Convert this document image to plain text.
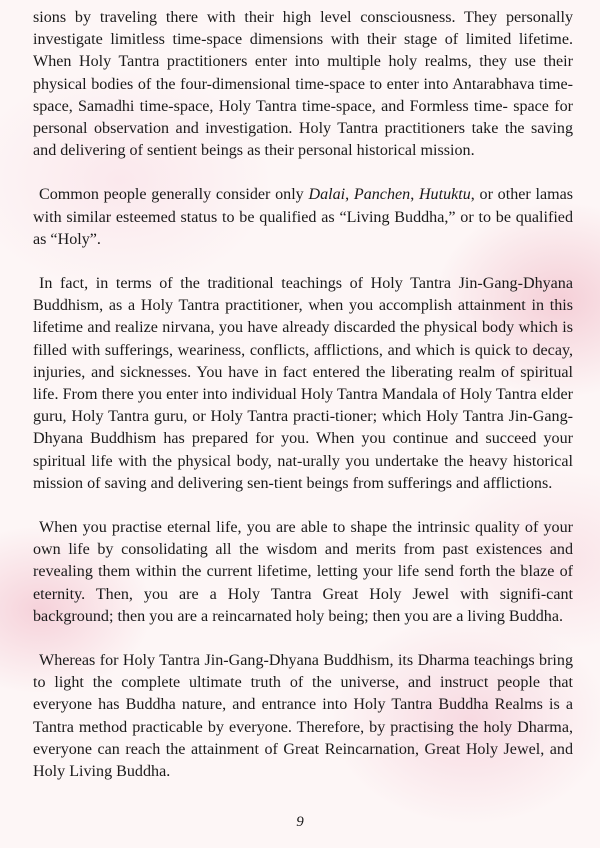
sions by traveling there with their high level consciousness. They personally investigate limitless time-space dimensions with their stage of limited lifetime. When Holy Tantra practitioners enter into multiple holy realms, they use their physical bodies of the four-dimensional time-space to enter into Antarabhava time-space, Samadhi time-space, Holy Tantra time-space, and Formless time- space for personal observation and investigation. Holy Tantra practitioners take the saving and delivering of sentient beings as their personal historical mission.

Common people generally consider only Dalai, Panchen, Hutuktu, or other lamas with similar esteemed status to be qualified as “Living Buddha,” or to be qualified as “Holy”.

In fact, in terms of the traditional teachings of Holy Tantra Jin-Gang-Dhyana Buddhism, as a Holy Tantra practitioner, when you accomplish attainment in this lifetime and realize nirvana, you have already discarded the physical body which is filled with sufferings, weariness, conflicts, afflictions, and which is quick to decay, injuries, and sicknesses. You have in fact entered the liberating realm of spiritual life. From there you enter into individual Holy Tantra Mandala of Holy Tantra elder guru, Holy Tantra guru, or Holy Tantra practi-tioner; which Holy Tantra Jin-Gang-Dhyana Buddhism has prepared for you. When you continue and succeed your spiritual life with the physical body, nat-urally you undertake the heavy historical mission of saving and delivering sen-tient beings from sufferings and afflictions.

When you practise eternal life, you are able to shape the intrinsic quality of your own life by consolidating all the wisdom and merits from past existences and revealing them within the current lifetime, letting your life send forth the blaze of eternity. Then, you are a Holy Tantra Great Holy Jewel with signifi-cant background; then you are a reincarnated holy being; then you are a living Buddha.

Whereas for Holy Tantra Jin-Gang-Dhyana Buddhism, its Dharma teachings bring to light the complete ultimate truth of the universe, and instruct people that everyone has Buddha nature, and entrance into Holy Tantra Buddha Realms is a Tantra method practicable by everyone. Therefore, by practising the holy Dharma, everyone can reach the attainment of Great Reincarnation, Great Holy Jewel, and Holy Living Buddha.

9
